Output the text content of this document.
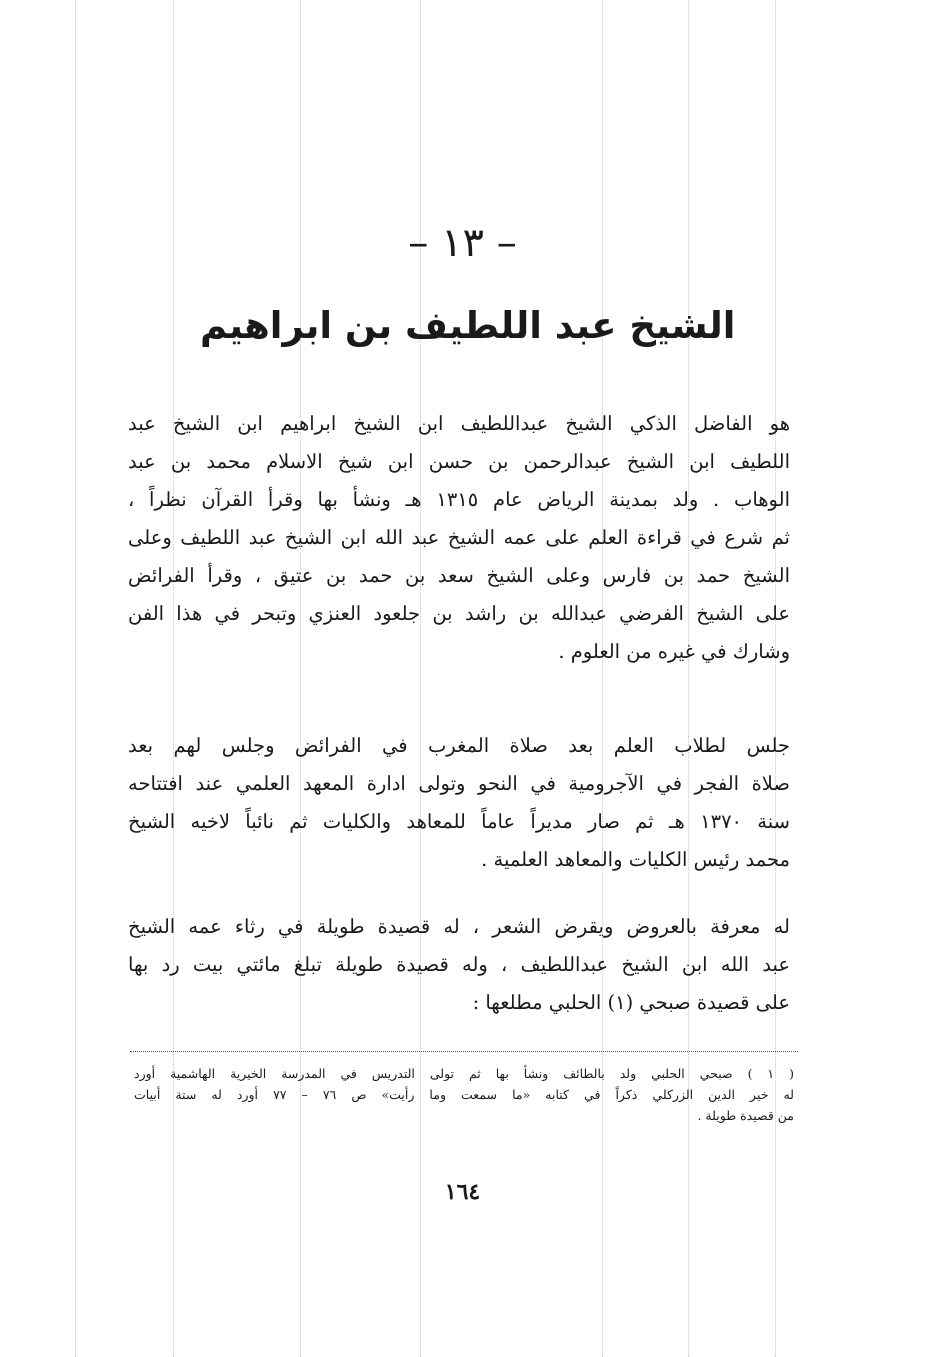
– ١٣ –
الشيخ عبد اللطيف بن ابراهيم
هو الفاضل الذكي الشيخ عبداللطيف ابن الشيخ ابراهيم ابن الشيخ عبد
اللطيف ابن الشيخ عبدالرحمن بن حسن ابن شيخ الاسلام محمد بن عبد
الوهاب . ولد بمدينة الرياض عام ١٣١٥ هـ ونشأ بها وقرأ القرآن نظراً ،
ثم شرع في قراءة العلم على عمه الشيخ عبد الله ابن الشيخ عبد اللطيف وعلى
الشيخ حمد بن فارس وعلى الشيخ سعد بن حمد بن عتيق ، وقرأ الفرائض
على الشيخ الفرضي عبدالله بن راشد بن جلعود العنزي وتبحر في هذا الفن
وشارك في غيره من العلوم .
جلس لطلاب العلم بعد صلاة المغرب في الفرائض وجلس لهم بعد
صلاة الفجر في الآجرومية في النحو وتولى ادارة المعهد العلمي عند افتتاحه
سنة ١٣٧٠ هـ ثم صار مديراً عاماً للمعاهد والكليات ثم نائباً لاخيه الشيخ
محمد رئيس الكليات والمعاهد العلمية .
له معرفة بالعروض ويقرض الشعر ، له قصيدة طويلة في رثاء عمه الشيخ
عبد الله ابن الشيخ عبداللطيف ، وله قصيدة طويلة تبلغ مائتي بيت رد بها
على قصيدة صبحي (١) الحلبي مطلعها :
( ١ ) صبحي الحلبي ولد بالطائف ونشأ بها ثم تولى التدريس في المدرسة الخيرية الهاشمية أورد
له خير الدين الزركلي ذكراً في كتابه «ما سمعت وما رأيت» ص ٧٦ – ٧٧ أورد له ستة أبيات
من قصيدة طويلة .
١٦٤
